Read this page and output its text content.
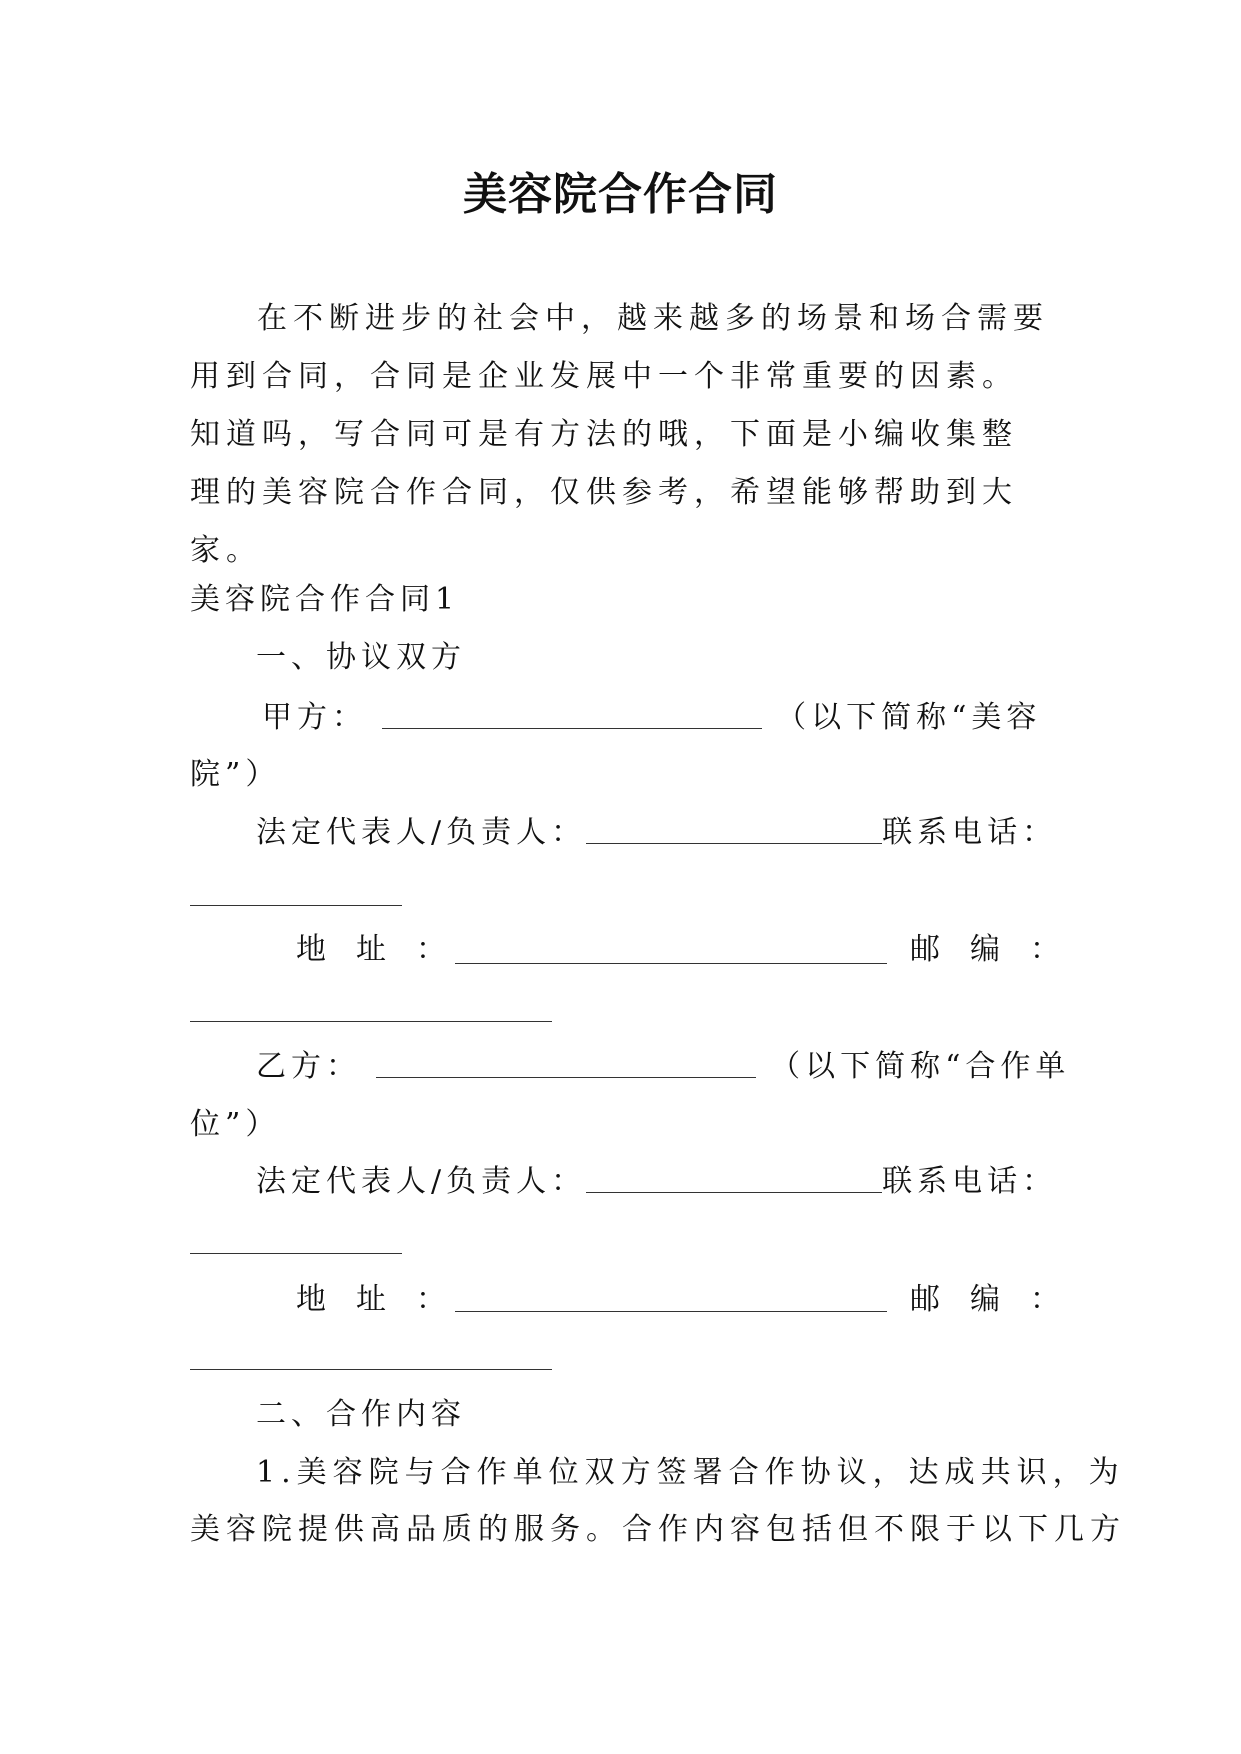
美容院合作合同

在不断进步的社会中，越来越多的场景和场合需要用到合同，合同是企业发展中一个非常重要的因素。知道吗，写合同可是有方法的哦，下面是小编收集整理的美容院合作合同，仅供参考，希望能够帮助到大家。

美容院合作合同1
一、协议双方
甲方：	（以下简称“美容
院”）
法定代表人/负责人：	联系电话：
地　址　：	邮　编　：
乙方：	（以下简称“合作单
位”）
法定代表人/负责人：	联系电话：
地　址　：	邮　编　：
二、合作内容
1.美容院与合作单位双方签署合作协议，达成共识，为
美容院提供高品质的服务。合作内容包括但不限于以下几方
